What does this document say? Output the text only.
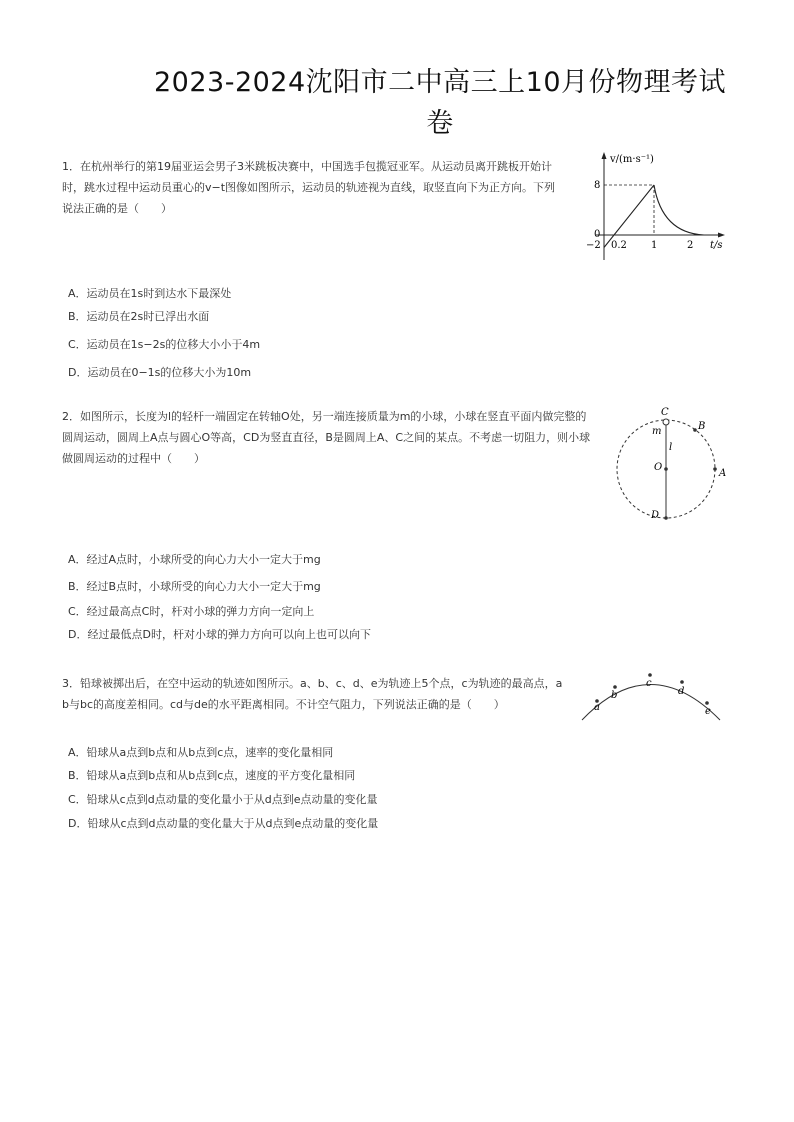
2023-2024沈阳市二中高三上10月份物理考试
卷
1．在杭州举行的第19届亚运会男子3米跳板决赛中，中国选手包揽冠亚军。从运动员离开跳板开始计
时，跳水过程中运动员重心的v−t图像如图所示，运动员的轨迹视为直线，取竖直向下为正方向。下列
说法正确的是（　　）
v/(m·s⁻¹)
t/s
8
0
−2 0.2 1	2
A．运动员在1s时到达水下最深处
B．运动员在2s时已浮出水面
C．运动员在1s−2s的位移大小小于4m
D．运动员在0−1s的位移大小为10m
2．如图所示，长度为l的轻杆一端固定在转轴O处，另一端连接质量为m的小球，小球在竖直平面内做完整的
圆周运动，圆周上A点与圆心O等高，CD为竖直直径，B是圆周上A、C之间的某点。不考虑一切阻力，则小球
做圆周运动的过程中（　　）
C
B
m
l
O
A
D
A．经过A点时，小球所受的向心力大小一定大于mg
B．经过B点时，小球所受的向心力大小一定大于mg
C．经过最高点C时，杆对小球的弹力方向一定向上
D．经过最低点D时，杆对小球的弹力方向可以向上也可以向下
3．铅球被掷出后，在空中运动的轨迹如图所示。a、b、c、d、e为轨迹上5个点，c为轨迹的最高点，a
b与bc的高度差相同。cd与de的水平距离相同。不计空气阻力，下列说法正确的是（　　）	a
b
c
d
e
A．铅球从a点到b点和从b点到c点，速率的变化量相同
B．铅球从a点到b点和从b点到c点，速度的平方变化量相同
C．铅球从c点到d点动量的变化量小于从d点到e点动量的变化量
D．铅球从c点到d点动量的变化量大于从d点到e点动量的变化量
